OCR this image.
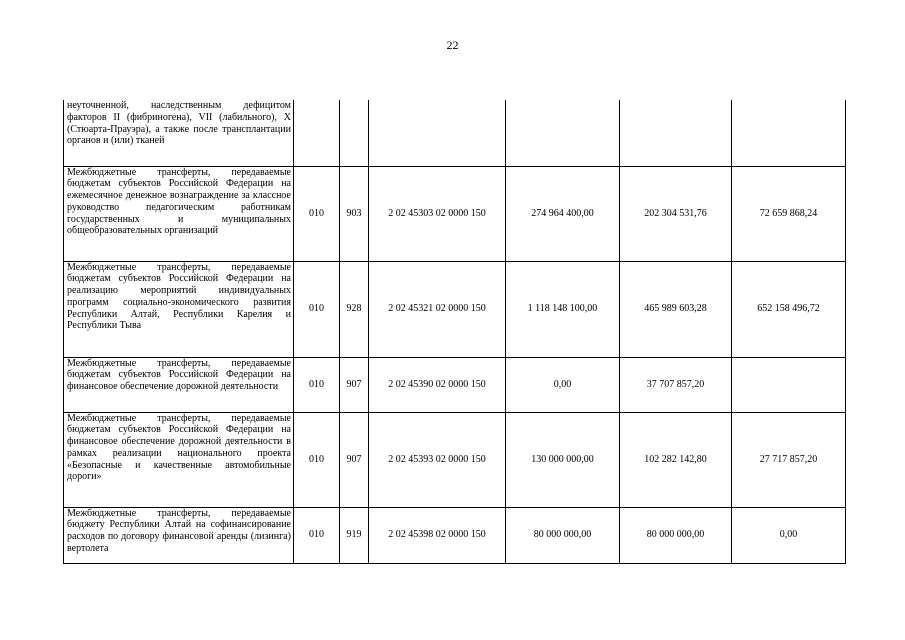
22
неуточненной, наследственным дефицитом факторов II (фибриногена), VII (лабильного), X (Стюарта-Прауэра), а также после трансплантации органов и (или) тканей						
Межбюджетные трансферты, передаваемые бюджетам субъектов Российской Федерации на ежемесячное денежное вознаграждение за классное руководство педагогическим работникам государственных и муниципальных общеобразовательных организаций	010	903	2 02 45303 02 0000 150	274 964 400,00	202 304 531,76	72 659 868,24
Межбюджетные трансферты, передаваемые бюджетам субъектов Российской Федерации на реализацию мероприятий индивидуальных программ социально-экономического развития Республики Алтай, Республики Карелия и Республики Тыва	010	928	2 02 45321 02 0000 150	1 118 148 100,00	465 989 603,28	652 158 496,72
Межбюджетные трансферты, передаваемые бюджетам субъектов Российской Федерации на финансовое обеспечение дорожной деятельности	010	907	2 02 45390 02 0000 150	0,00	37 707 857,20	
Межбюджетные трансферты, передаваемые бюджетам субъектов Российской Федерации на финансовое обеспечение дорожной деятельности в рамках реализации национального проекта «Безопасные и качественные автомобильные дороги»	010	907	2 02 45393 02 0000 150	130 000 000,00	102 282 142,80	27 717 857,20
Межбюджетные трансферты, передаваемые бюджету Республики Алтай на софинансирование расходов по договору финансовой аренды (лизинга) вертолета	010	919	2 02 45398 02 0000 150	80 000 000,00	80 000 000,00	0,00
